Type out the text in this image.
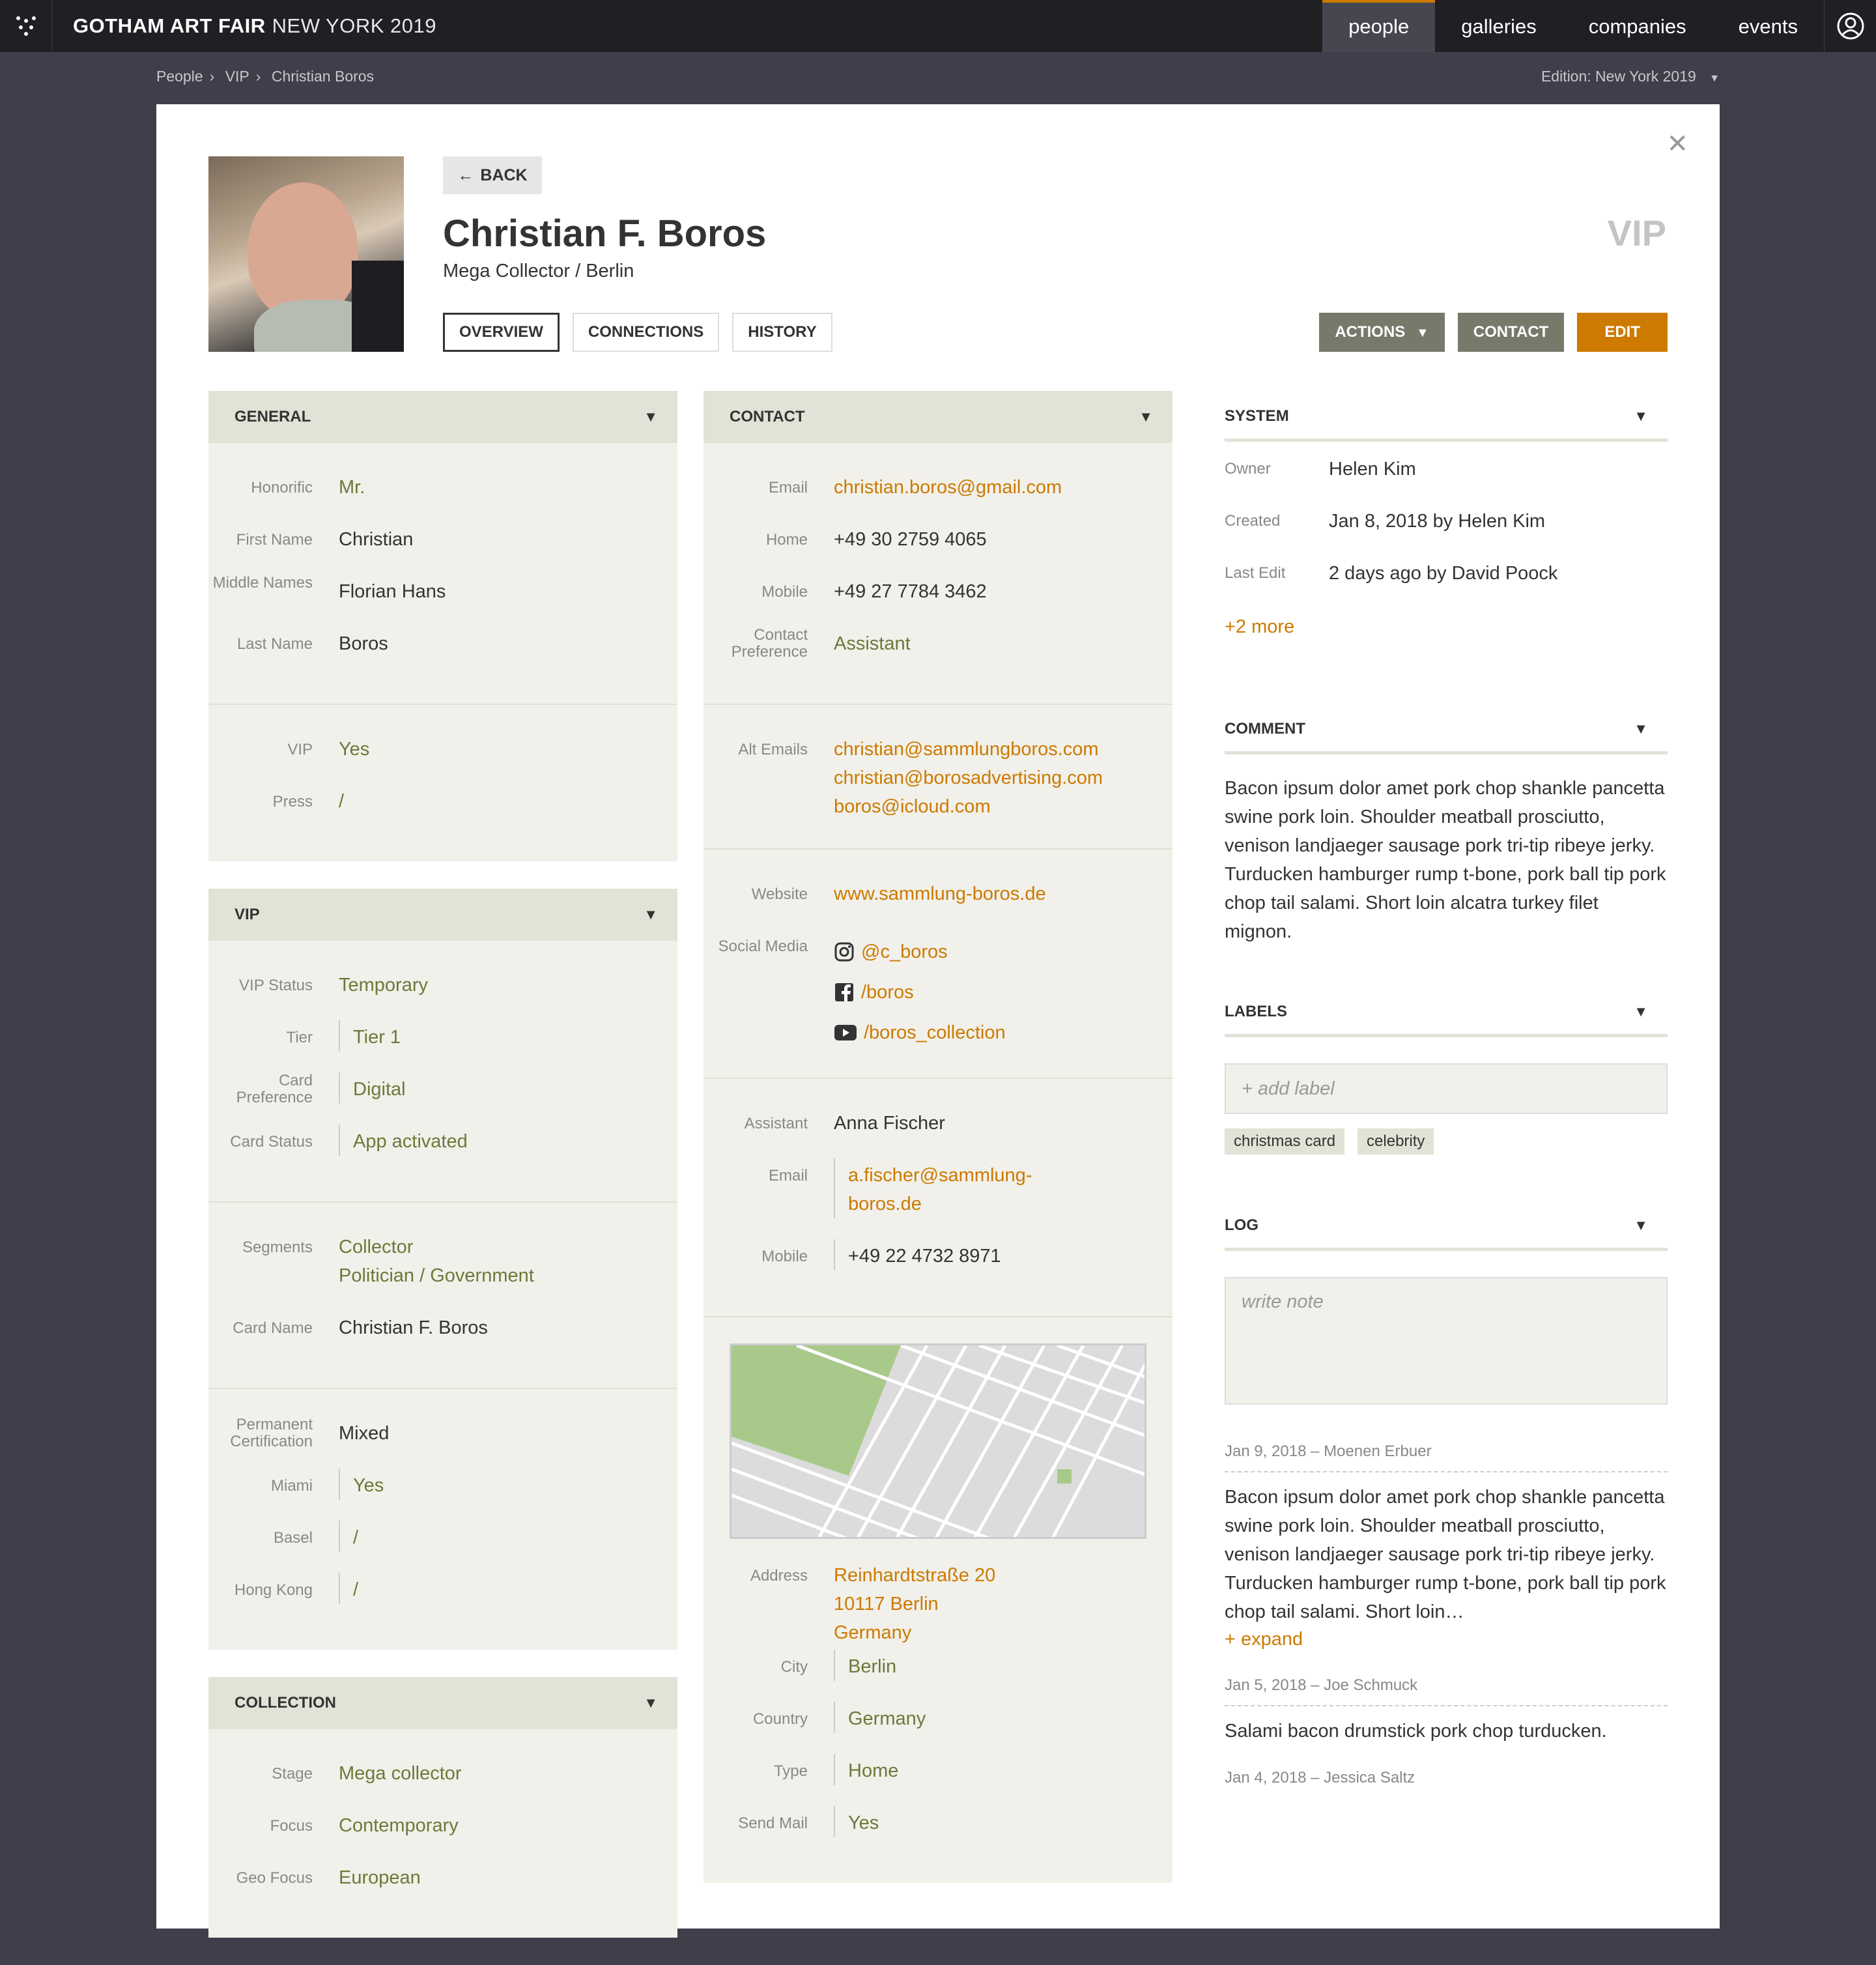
GOTHAM ART FAIR NEW YORK 2019	people	galleries	companies	events
People › VIP › Christian Boros	Edition: New York 2019 ▼
✕
← BACK
Christian F. Boros
Mega Collector / Berlin
VIP
OVERVIEW	CONNECTIONS	HISTORY	ACTIONS ▼	CONTACT	EDIT
GENERAL	▼
Honorific	Mr.
First Name	Christian
Middle Names	Florian Hans
Last Name	Boros
VIP	Yes
Press	/
VIP	▼
VIP Status	Temporary
Tier	Tier 1
Card Preference	Digital
Card Status	App activated
Segments	Collector
Politician / Government
Card Name	Christian F. Boros
Permanent Certification	Mixed
Miami	Yes
Basel	/
Hong Kong	/
COLLECTION	▼
Stage	Mega collector
Focus	Contemporary
Geo Focus	European
CONTACT	▼
Email	christian.boros@gmail.com
Home	+49 30 2759 4065
Mobile	+49 27 7784 3462
Contact Preference	Assistant
Alt Emails	christian@sammlungboros.com
christian@borosadvertising.com
boros@icloud.com
Website	www.sammlung-boros.de
Social Media	@c_boros
/boros
/boros_collection
Assistant	Anna Fischer
Email	a.fischer@sammlung-
boros.de
Mobile	+49 22 4732 8971
Address	Reinhardtstraße 20
10117 Berlin
Germany
City	Berlin
Country	Germany
Type	Home
Send Mail	Yes
SYSTEM	▼
Owner	Helen Kim
Created	Jan 8, 2018 by Helen Kim
Last Edit	2 days ago by David Poock
+2 more
COMMENT	▼
Bacon ipsum dolor amet pork chop shankle pancetta swine pork loin. Shoulder meatball prosciutto, venison landjaeger sausage pork tri-tip ribeye jerky. Turducken hamburger rump t-bone, pork ball tip pork chop tail salami. Short loin alcatra turkey filet mignon.
LABELS	▼
+ add label
christmas card	celebrity
LOG	▼
write note
Jan 9, 2018 – Moenen Erbuer
Bacon ipsum dolor amet pork chop shankle pancetta swine pork loin. Shoulder meatball prosciutto, venison landjaeger sausage pork tri-tip ribeye jerky. Turducken hamburger rump t-bone, pork ball tip pork chop tail salami. Short loin…
+ expand
Jan 5, 2018 – Joe Schmuck
Salami bacon drumstick pork chop turducken.
Jan 4, 2018 – Jessica Saltz
